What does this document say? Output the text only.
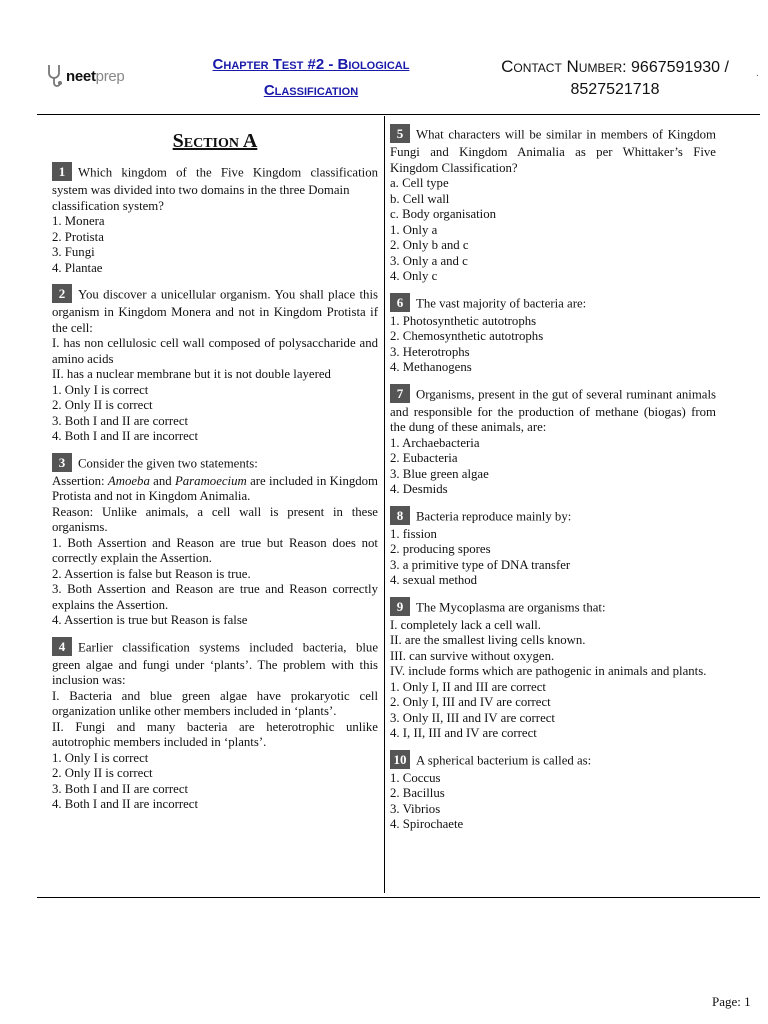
neetprep
Chapter Test #2 - Biological
Classification
Contact Number: 9667591930 /
8527521718
.
Section A
1 Which kingdom of the Five Kingdom classification system was divided into two domains in the three Domain
classification system?
1. Monera
2. Protista
3. Fungi
4. Plantae
2 You discover a unicellular organism. You shall place this organism in Kingdom Monera and not in Kingdom Protista if the cell:
I. has non cellulosic cell wall composed of polysaccharide and amino acids
II. has a nuclear membrane but it is not double layered
1. Only I is correct
2. Only II is correct
3. Both I and II are correct
4. Both I and II are incorrect
3 Consider the given two statements:
Assertion: Amoeba and Paramoecium are included in Kingdom Protista and not in Kingdom Animalia.
Reason: Unlike animals, a cell wall is present in these organisms.
1. Both Assertion and Reason are true but Reason does not correctly explain the Assertion.
2. Assertion is false but Reason is true.
3. Both Assertion and Reason are true and Reason correctly explains the Assertion.
4. Assertion is true but Reason is false
4 Earlier classification systems included bacteria, blue green algae and fungi under ‘plants’. The problem with this inclusion was:
I. Bacteria and blue green algae have prokaryotic cell organization unlike other members included in ‘plants’.
II. Fungi and many bacteria are heterotrophic unlike autotrophic members included in ‘plants’.
1. Only I is correct
2. Only II is correct
3. Both I and II are correct
4. Both I and II are incorrect
5 What characters will be similar in members of Kingdom Fungi and Kingdom Animalia as per Whittaker’s Five Kingdom Classification?
a. Cell type
b. Cell wall
c. Body organisation
1. Only a
2. Only b and c
3. Only a and c
4. Only c
6 The vast majority of bacteria are:
1. Photosynthetic autotrophs
2. Chemosynthetic autotrophs
3. Heterotrophs
4. Methanogens
7 Organisms, present in the gut of several ruminant animals and responsible for the production of methane (biogas) from the dung of these animals, are:
1. Archaebacteria
2. Eubacteria
3. Blue green algae
4. Desmids
8 Bacteria reproduce mainly by:
1. fission
2. producing spores
3. a primitive type of DNA transfer
4. sexual method
9 The Mycoplasma are organisms that:
I. completely lack a cell wall.
II. are the smallest living cells known.
III. can survive without oxygen.
IV. include forms which are pathogenic in animals and plants.
1. Only I, II and III are correct
2. Only I, III and IV are correct
3. Only II, III and IV are correct
4. I, II, III and IV are correct
10 A spherical bacterium is called as:
1. Coccus
2. Bacillus
3. Vibrios
4. Spirochaete
Page: 1
